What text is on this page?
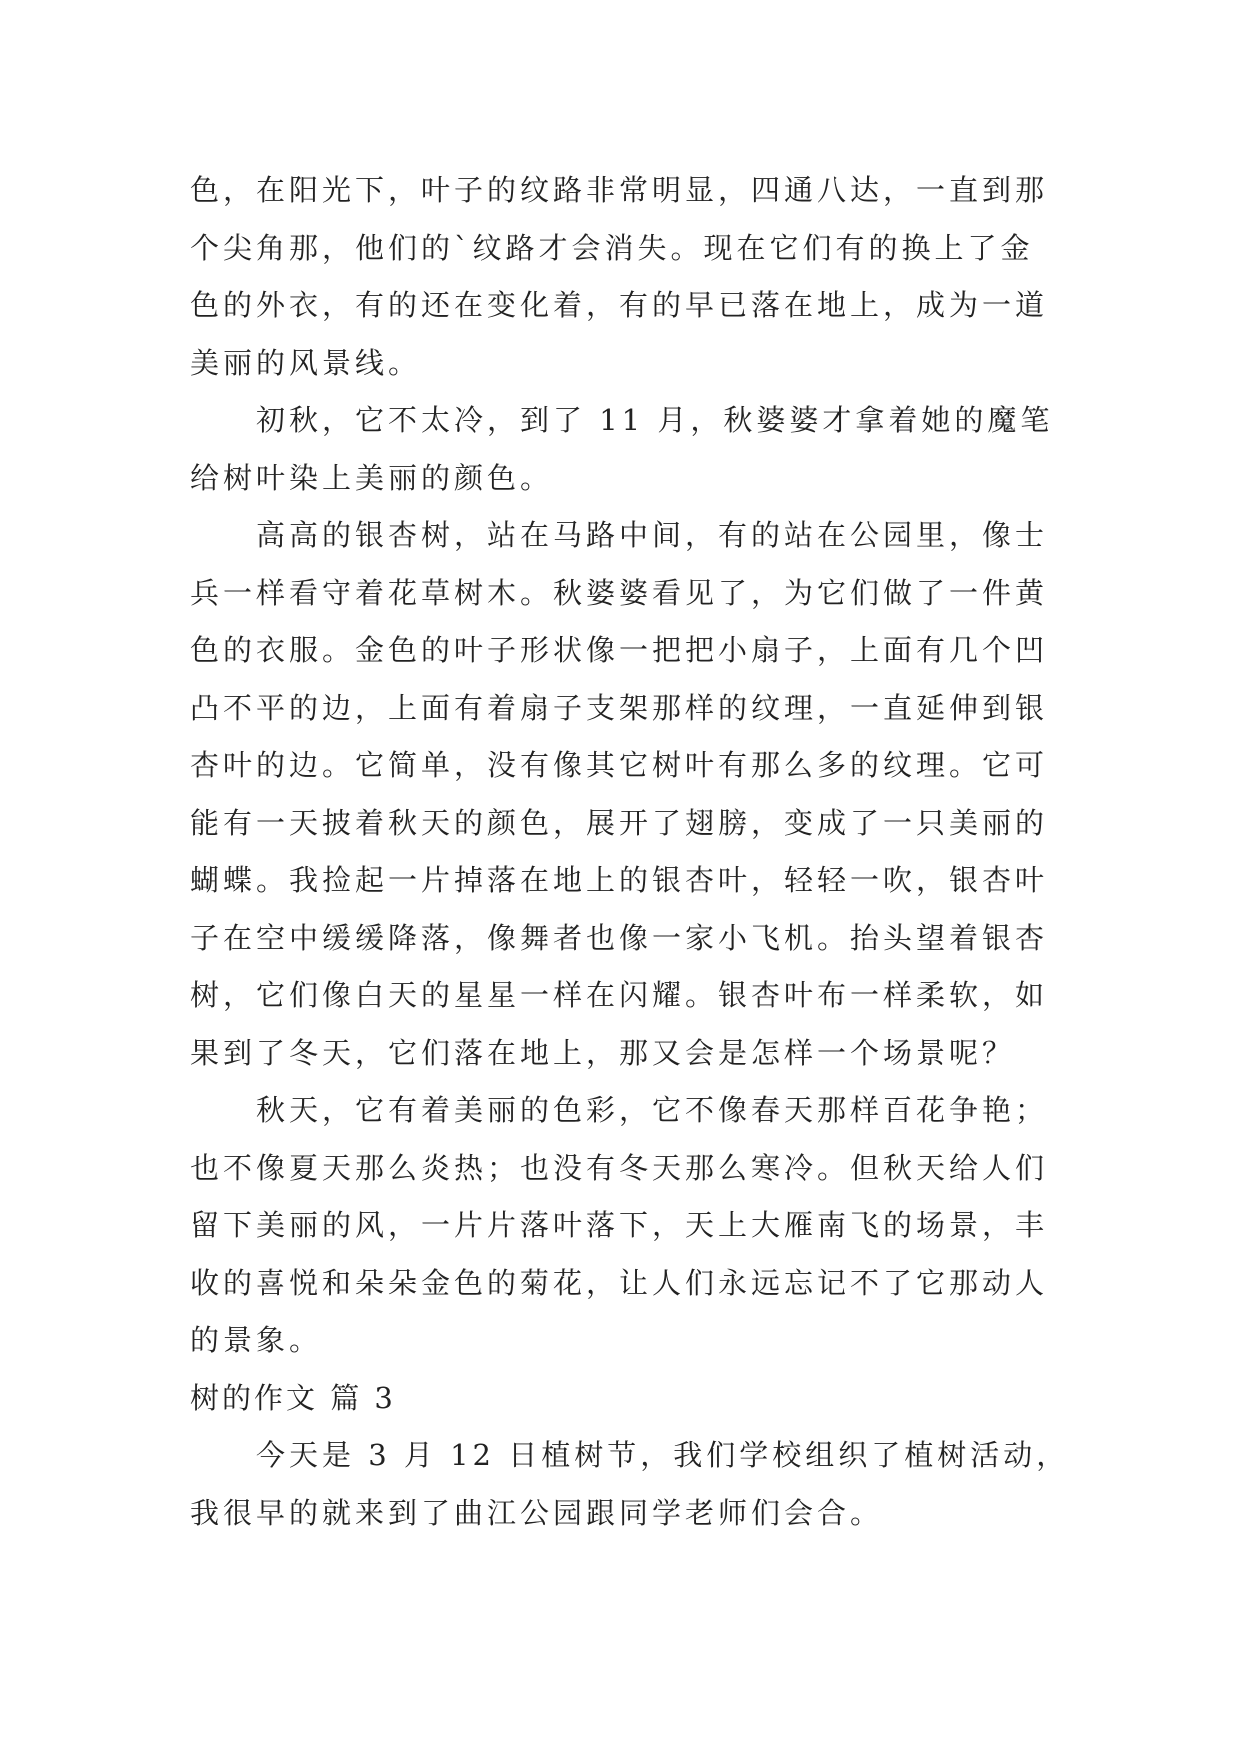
色，在阳光下，叶子的纹路非常明显，四通八达，一直到那
个尖角那，他们的`纹路才会消失。现在它们有的换上了金
色的外衣，有的还在变化着，有的早已落在地上，成为一道
美丽的风景线。
初秋，它不太冷，到了 11 月，秋婆婆才拿着她的魔笔
给树叶染上美丽的颜色。
高高的银杏树，站在马路中间，有的站在公园里，像士
兵一样看守着花草树木。秋婆婆看见了，为它们做了一件黄
色的衣服。金色的叶子形状像一把把小扇子，上面有几个凹
凸不平的边，上面有着扇子支架那样的纹理，一直延伸到银
杏叶的边。它简单，没有像其它树叶有那么多的纹理。它可
能有一天披着秋天的颜色，展开了翅膀，变成了一只美丽的
蝴蝶。我捡起一片掉落在地上的银杏叶，轻轻一吹，银杏叶
子在空中缓缓降落，像舞者也像一家小飞机。抬头望着银杏
树，它们像白天的星星一样在闪耀。银杏叶布一样柔软，如
果到了冬天，它们落在地上，那又会是怎样一个场景呢？
秋天，它有着美丽的色彩，它不像春天那样百花争艳；
也不像夏天那么炎热；也没有冬天那么寒冷。但秋天给人们
留下美丽的风，一片片落叶落下，天上大雁南飞的场景，丰
收的喜悦和朵朵金色的菊花，让人们永远忘记不了它那动人
的景象。
树的作文 篇 3
今天是 3 月 12 日植树节，我们学校组织了植树活动，
我很早的就来到了曲江公园跟同学老师们会合。
